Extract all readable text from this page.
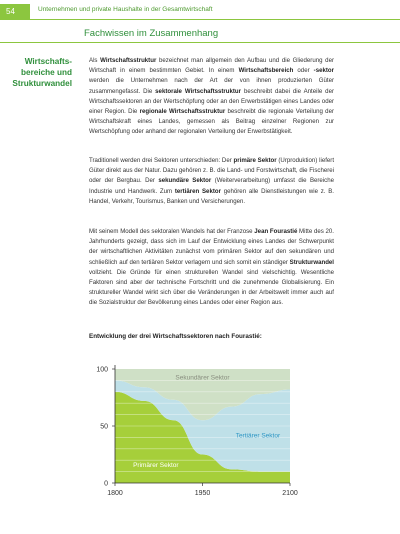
54	Unternehmen und private Haushalte in der Gesamtwirtschaft
Fachwissen im Zusammenhang
Wirtschafts-
bereiche und
Strukturwandel
Als Wirtschaftsstruktur bezeichnet man allgemein den Aufbau und die Gliederung der Wirtschaft in einem bestimmten Gebiet. In einem Wirtschaftsbereich oder -sektor werden die Unternehmen nach der Art der von ihnen produzierten Güter zusammengefasst. Die sektorale Wirtschaftsstruktur beschreibt dabei die Anteile der Wirtschaftssektoren an der Wertschöpfung oder an den Erwerbstätigen eines Landes oder einer Region. Die regionale Wirtschaftsstruktur beschreibt die regionale Verteilung der Wirtschaftskraft eines Landes, gemessen als Beitrag einzelner Regionen zur Wertschöpfung oder anhand der regionalen Verteilung der Erwerbstätigkeit.
Traditionell werden drei Sektoren unterschieden: Der primäre Sektor (Urproduktion) liefert Güter direkt aus der Natur. Dazu gehören z. B. die Land- und Forstwirtschaft, die Fischerei oder der Bergbau. Der sekundäre Sektor (Weiterverarbeitung) umfasst die Bereiche Industrie und Handwerk. Zum tertiären Sektor gehören alle Dienstleistungen wie z. B. Handel, Verkehr, Tourismus, Banken und Versicherungen.
Mit seinem Modell des sektoralen Wandels hat der Franzose Jean Fourastié Mitte des 20. Jahrhunderts gezeigt, dass sich im Lauf der Entwicklung eines Landes der Schwerpunkt der wirtschaftlichen Aktivitäten zunächst vom primären Sektor auf den sekundären und schließlich auf den tertiären Sektor verlagern und sich somit ein ständiger Strukturwandel vollzieht. Die Gründe für einen strukturellen Wandel sind vielschichtig. Wesentliche Faktoren sind aber der technische Fortschritt und die zunehmende Globalisierung. Ein struktureller Wandel wirkt sich über die Veränderungen in der Arbeitswelt immer auch auf die Sozialstruktur der Bevölkerung eines Landes oder einer Region aus.
Entwicklung der drei Wirtschaftssektoren nach Fourastié:
0
50
100
1800	1950	2100
Primärer Sektor
Tertiärer Sektor
Sekundärer Sektor
